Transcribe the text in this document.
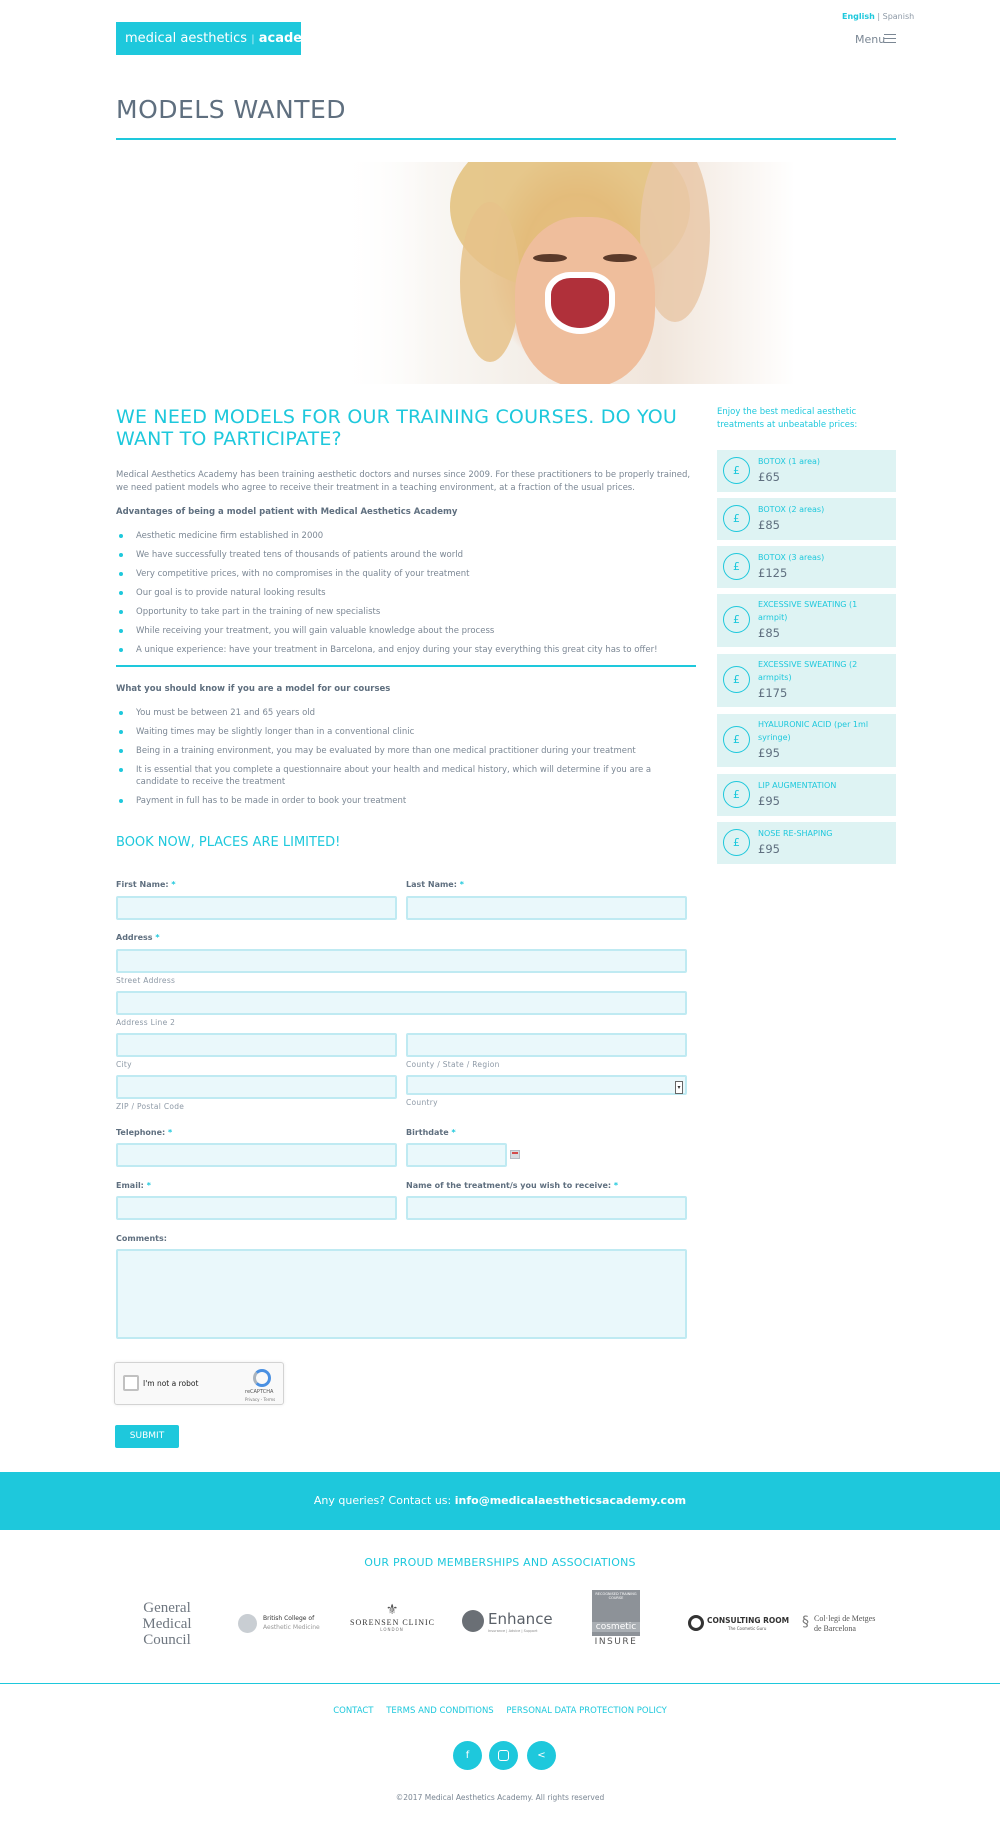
English | Spanish
medical aesthetics | academy	Menu
MODELS WANTED
WE NEED MODELS FOR OUR TRAINING COURSES. DO YOU WANT TO PARTICIPATE?

Medical Aesthetics Academy has been training aesthetic doctors and nurses since 2009. For these practitioners to be properly trained, we need patient models who agree to receive their treatment in a teaching environment, at a fraction of the usual prices.

Advantages of being a model patient with Medical Aesthetics Academy

Aesthetic medicine firm established in 2000
We have successfully treated tens of thousands of patients around the world
Very competitive prices, with no compromises in the quality of your treatment
Our goal is to provide natural looking results
Opportunity to take part in the training of new specialists
While receiving your treatment, you will gain valuable knowledge about the process
A unique experience: have your treatment in Barcelona, and enjoy during your stay everything this great city has to offer!

What you should know if you are a model for our courses

You must be between 21 and 65 years old
Waiting times may be slightly longer than in a conventional clinic
Being in a training environment, you may be evaluated by more than one medical practitioner during your treatment
It is essential that you complete a questionnaire about your health and medical history, which will determine if you are a candidate to receive the treatment
Payment in full has to be made in order to book your treatment
BOOK NOW, PLACES ARE LIMITED!
First Name: *	Last Name: *
Address *
Street Address
Address Line 2
City	County / State / Region
▾
ZIP / Postal Code	Country
Telephone: *	Birthdate *
Email: *	Name of the treatment/s you wish to receive: *
Comments:
I'm not a robot
reCAPTCHA
Privacy - Terms
SUBMIT
Enjoy the best medical aesthetic treatments at unbeatable prices:
£
BOTOX (1 area)
£65
£
BOTOX (2 areas)
£85
£
BOTOX (3 areas)
£125
£
EXCESSIVE SWEATING (1 armpit)
£85
£
EXCESSIVE SWEATING (2 armpits)
£175
£
HYALURONIC ACID (per 1ml syringe)
£95
£
LIP AUGMENTATION
£95
£
NOSE RE-SHAPING
£95
Any queries? Contact us: info@medicalaestheticsacademy.com
OUR PROUD MEMBERSHIPS AND ASSOCIATIONS
General
Medical
Council
British College of
Aesthetic Medicine
⚜
SORENSEN CLINIC
LONDON
Enhance
Insurance | Advice | Support
RECOGNISED TRAINING COURSE
cosmetic
INSURE
CONSULTING ROOM
The Cosmetic Guru	§ Col·legi de Metges
de Barcelona
CONTACT TERMS AND CONDITIONS PERSONAL DATA PROTECTION POLICY
f	<
©2017 Medical Aesthetics Academy. All rights reserved
